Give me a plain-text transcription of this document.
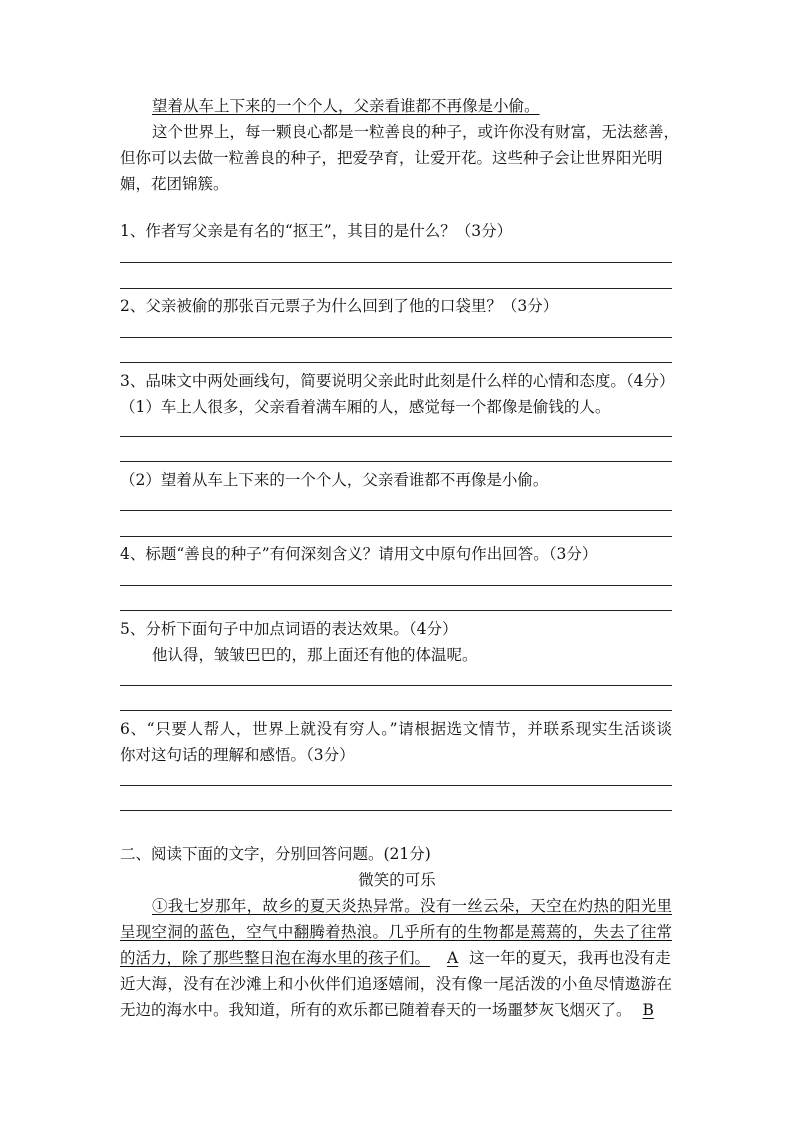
望着从车上下来的一个个人，父亲看谁都不再像是小偷。
这个世界上，每一颗良心都是一粒善良的种子，或许你没有财富，无法慈善，
但你可以去做一粒善良的种子，把爱孕育，让爱开花。这些种子会让世界阳光明
媚，花团锦簇。
1、作者写父亲是有名的“抠王”，其目的是什么？（3分）
2、父亲被偷的那张百元票子为什么回到了他的口袋里？（3分）
3、品味文中两处画线句，简要说明父亲此时此刻是什么样的心情和态度。（4分）
（1）车上人很多，父亲看着满车厢的人，感觉每一个都像是偷钱的人。
（2）望着从车上下来的一个个人，父亲看谁都不再像是小偷。
4、标题“善良的种子”有何深刻含义？请用文中原句作出回答。（3分）
5、分析下面句子中加点词语的表达效果。（4分）
他认得，皱皱巴巴的，那上面还有他的体温呢。
6、“只要人帮人，世界上就没有穷人。”请根据选文情节，并联系现实生活谈谈
你对这句话的理解和感悟。（3分）
二、阅读下面的文字，分别回答问题。(21分)
微笑的可乐
①我七岁那年，故乡的夏天炎热异常。没有一丝云朵，天空在灼热的阳光里
呈现空洞的蓝色，空气中翻腾着热浪。几乎所有的生物都是蔫蔫的，失去了往常
的活力，除了那些整日泡在海水里的孩子们。 A 这一年的夏天，我再也没有走
近大海，没有在沙滩上和小伙伴们追逐嬉闹，没有像一尾活泼的小鱼尽情遨游在
无边的海水中。我知道，所有的欢乐都已随着春天的一场噩梦灰飞烟灭了。 B
